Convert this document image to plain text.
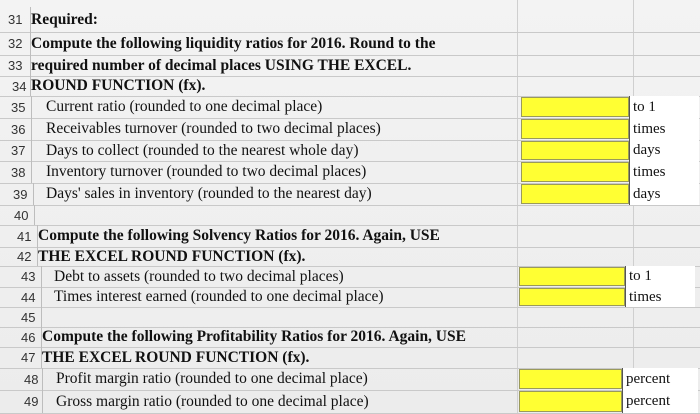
31 Required:
32 Compute the following liquidity ratios for 2016. Round to the
33 required number of decimal places USING THE EXCEL.
34 ROUND FUNCTION (fx).
35	Current ratio (rounded to one decimal place)	to 1
36	Receivables turnover (rounded to two decimal places)	times
37	Days to collect (rounded to the nearest whole day)	days
38	Inventory turnover (rounded to two decimal places)	times
39	Days' sales in inventory (rounded to the nearest day)	days
40
41 Compute the following Solvency Ratios for 2016. Again, USE
42 THE EXCEL ROUND FUNCTION (fx).
43	Debt to assets (rounded to two decimal places)	to 1
44	Times interest earned (rounded to one decimal place)	times
45
46 Compute the following Profitability Ratios for 2016. Again, USE
47 THE EXCEL ROUND FUNCTION (fx).
48 Profit margin ratio (rounded to one decimal place)	percent
49 Gross margin ratio (rounded to one decimal place)	percent
